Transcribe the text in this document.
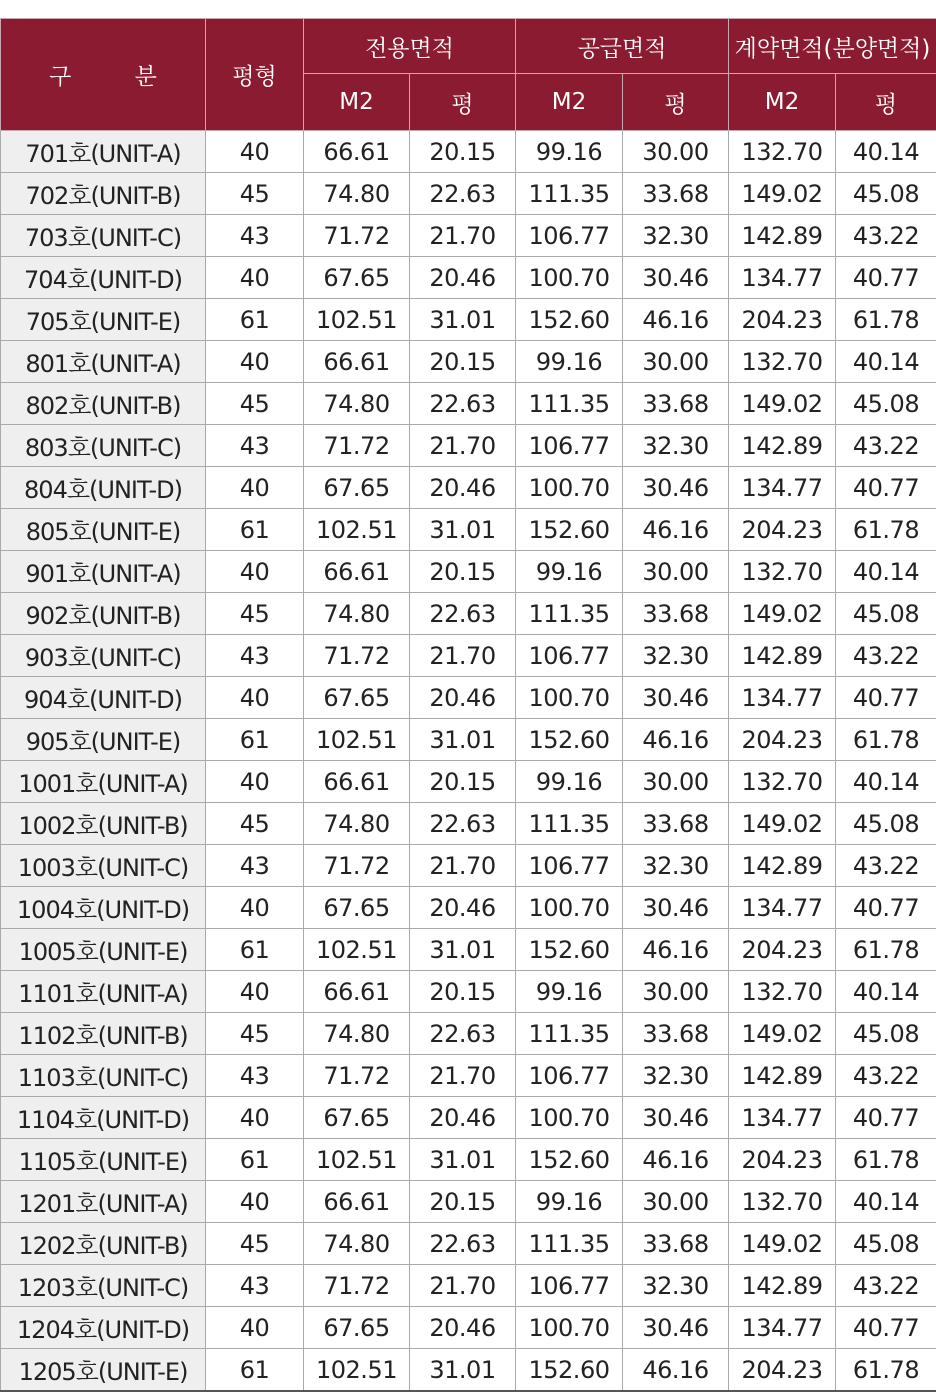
구 분	평형	전용면적		공급면적		계약면적(분양면적)	
		M2	평	M2	평	M2	평
701호(UNIT-A)	40	66.61	20.15	99.16	30.00	132.70	40.14
702호(UNIT-B)	45	74.80	22.63	111.35	33.68	149.02	45.08
703호(UNIT-C)	43	71.72	21.70	106.77	32.30	142.89	43.22
704호(UNIT-D)	40	67.65	20.46	100.70	30.46	134.77	40.77
705호(UNIT-E)	61	102.51	31.01	152.60	46.16	204.23	61.78
801호(UNIT-A)	40	66.61	20.15	99.16	30.00	132.70	40.14
802호(UNIT-B)	45	74.80	22.63	111.35	33.68	149.02	45.08
803호(UNIT-C)	43	71.72	21.70	106.77	32.30	142.89	43.22
804호(UNIT-D)	40	67.65	20.46	100.70	30.46	134.77	40.77
805호(UNIT-E)	61	102.51	31.01	152.60	46.16	204.23	61.78
901호(UNIT-A)	40	66.61	20.15	99.16	30.00	132.70	40.14
902호(UNIT-B)	45	74.80	22.63	111.35	33.68	149.02	45.08
903호(UNIT-C)	43	71.72	21.70	106.77	32.30	142.89	43.22
904호(UNIT-D)	40	67.65	20.46	100.70	30.46	134.77	40.77
905호(UNIT-E)	61	102.51	31.01	152.60	46.16	204.23	61.78
1001호(UNIT-A)	40	66.61	20.15	99.16	30.00	132.70	40.14
1002호(UNIT-B)	45	74.80	22.63	111.35	33.68	149.02	45.08
1003호(UNIT-C)	43	71.72	21.70	106.77	32.30	142.89	43.22
1004호(UNIT-D)	40	67.65	20.46	100.70	30.46	134.77	40.77
1005호(UNIT-E)	61	102.51	31.01	152.60	46.16	204.23	61.78
1101호(UNIT-A)	40	66.61	20.15	99.16	30.00	132.70	40.14
1102호(UNIT-B)	45	74.80	22.63	111.35	33.68	149.02	45.08
1103호(UNIT-C)	43	71.72	21.70	106.77	32.30	142.89	43.22
1104호(UNIT-D)	40	67.65	20.46	100.70	30.46	134.77	40.77
1105호(UNIT-E)	61	102.51	31.01	152.60	46.16	204.23	61.78
1201호(UNIT-A)	40	66.61	20.15	99.16	30.00	132.70	40.14
1202호(UNIT-B)	45	74.80	22.63	111.35	33.68	149.02	45.08
1203호(UNIT-C)	43	71.72	21.70	106.77	32.30	142.89	43.22
1204호(UNIT-D)	40	67.65	20.46	100.70	30.46	134.77	40.77
1205호(UNIT-E)	61	102.51	31.01	152.60	46.16	204.23	61.78
